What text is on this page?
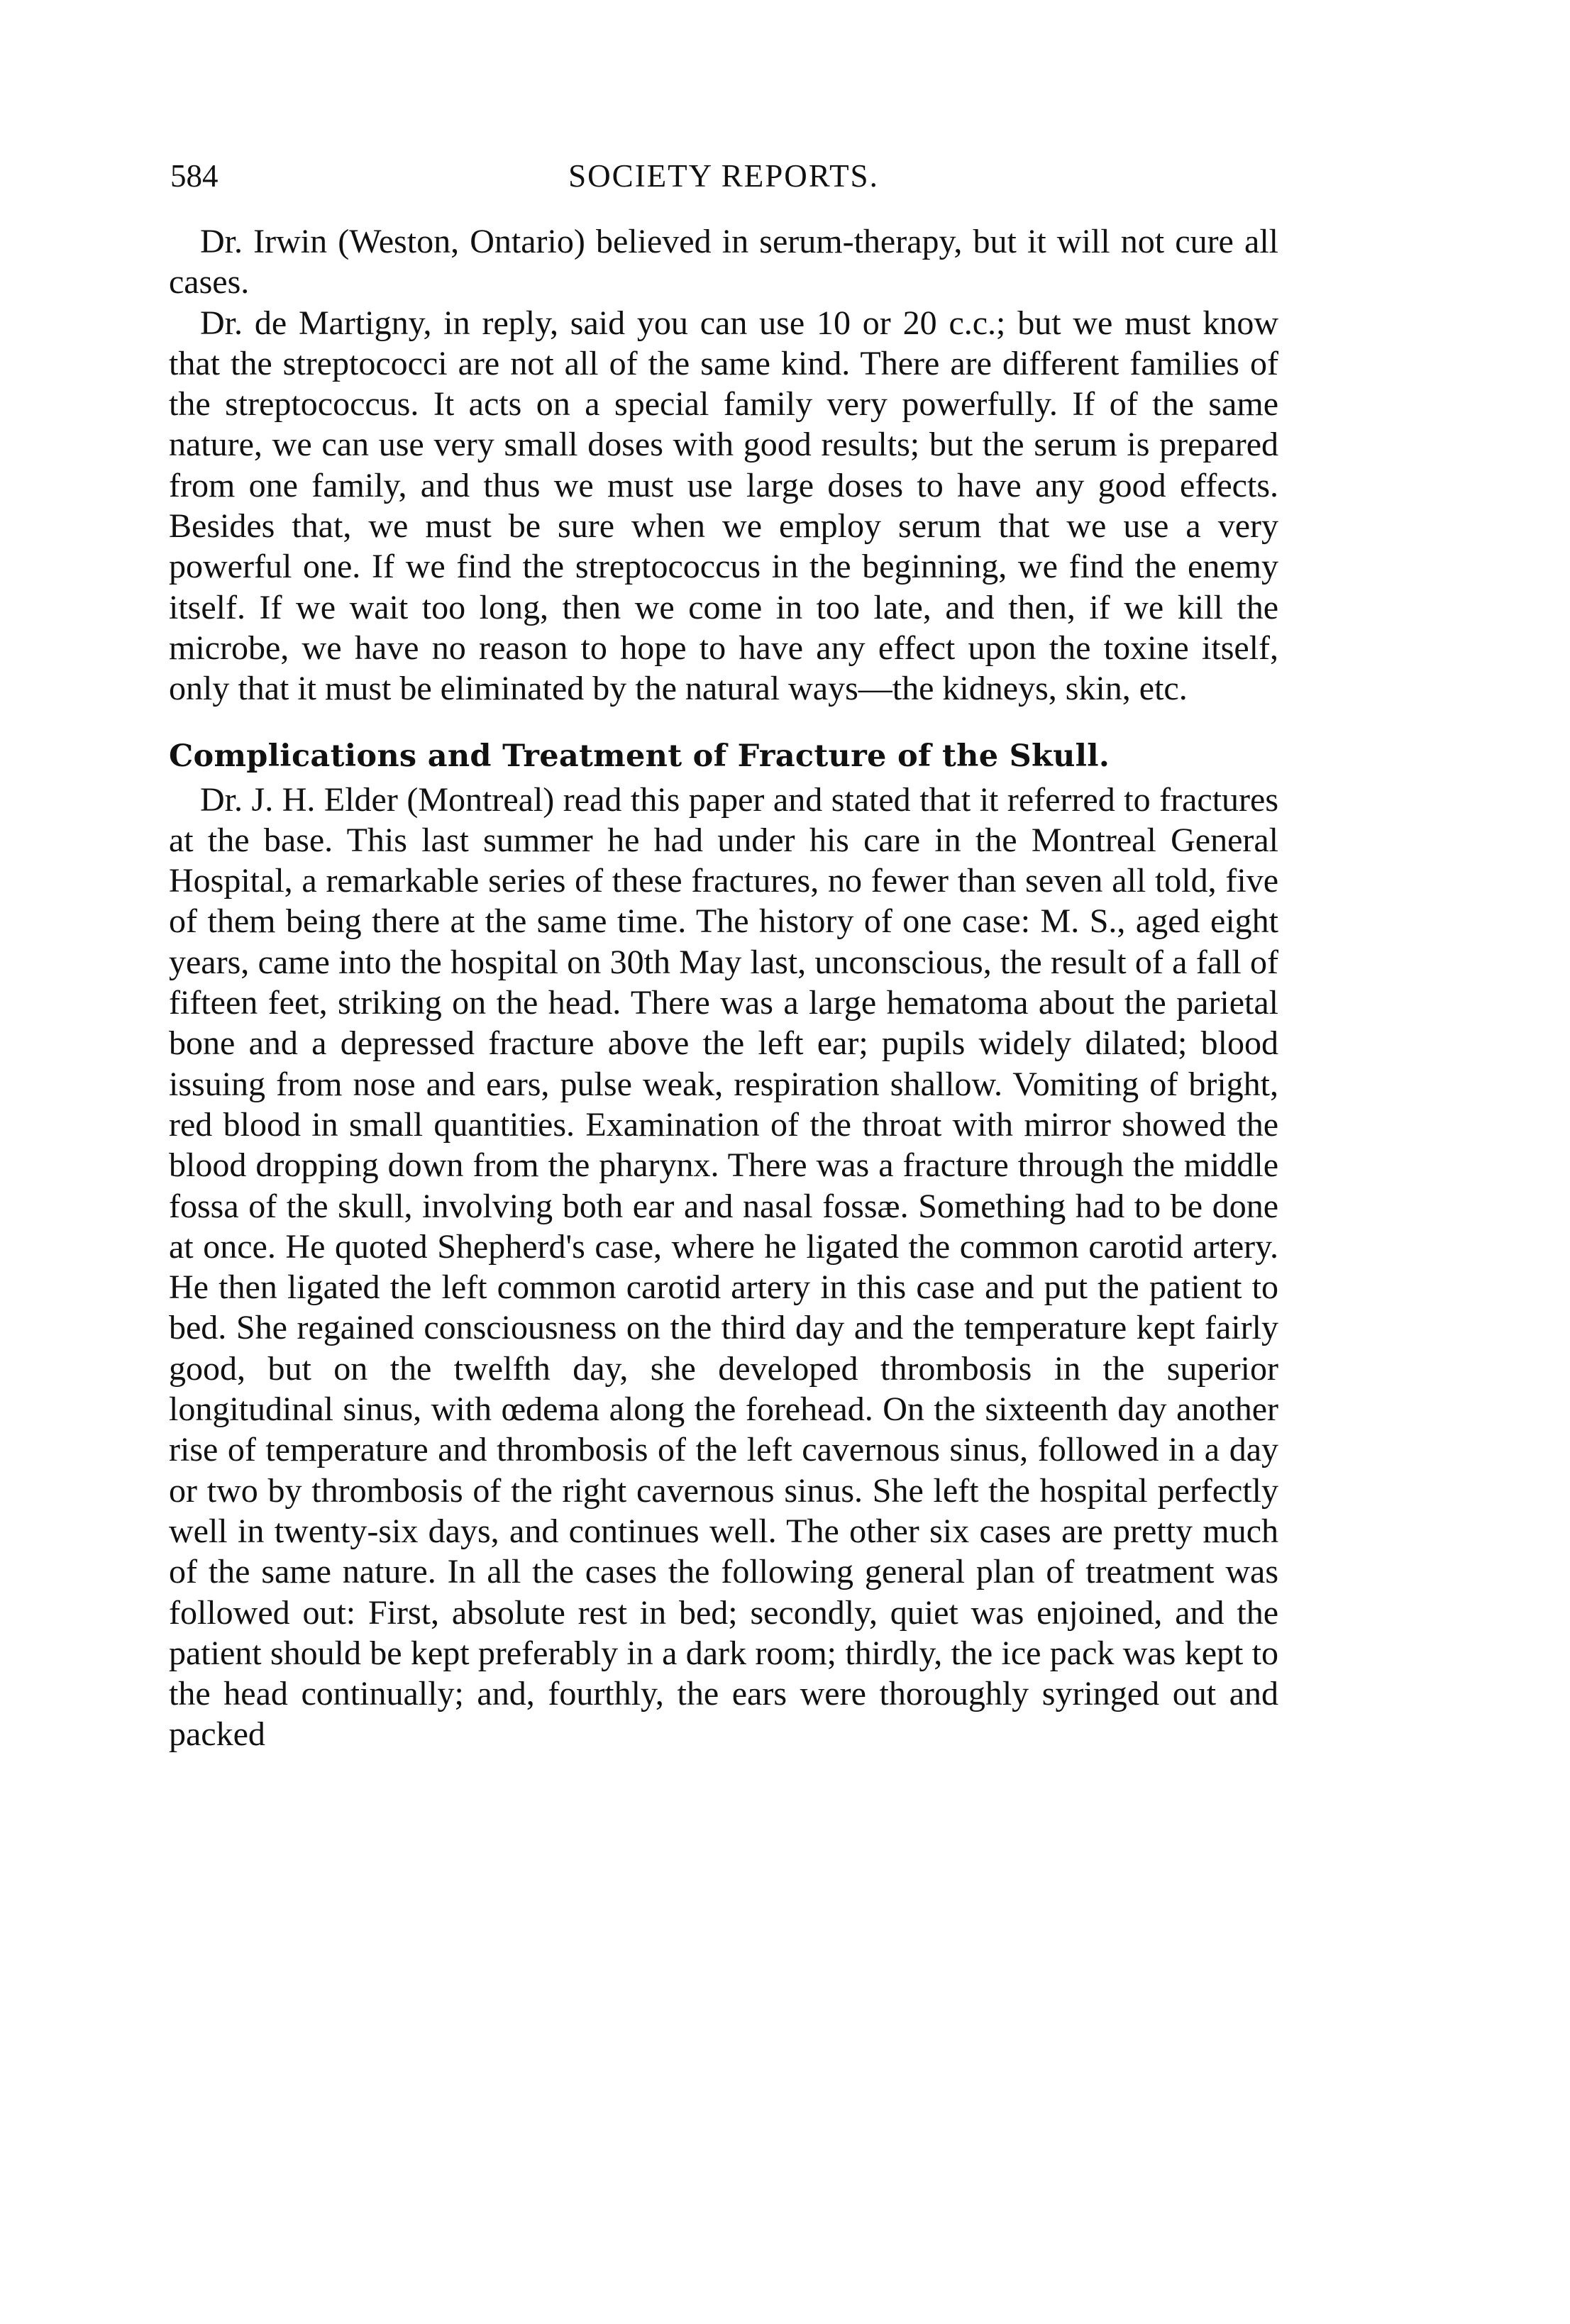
584	SOCIETY REPORTS.

Dr. Irwin (Weston, Ontario) believed in serum-therapy, but it will not cure all cases.

Dr. de Martigny, in reply, said you can use 10 or 20 c.c.; but we must know that the streptococci are not all of the same kind. There are different families of the streptococcus. It acts on a special family very powerfully. If of the same nature, we can use very small doses with good results; but the serum is prepared from one family, and thus we must use large doses to have any good effects. Besides that, we must be sure when we employ serum that we use a very powerful one. If we find the streptococcus in the beginning, we find the enemy itself. If we wait too long, then we come in too late, and then, if we kill the microbe, we have no reason to hope to have any effect upon the toxine itself, only that it must be eliminated by the natural ways—the kidneys, skin, etc.

Complications and Treatment of Fracture of the Skull.

Dr. J. H. Elder (Montreal) read this paper and stated that it referred to fractures at the base. This last summer he had under his care in the Montreal General Hospital, a remarkable series of these fractures, no fewer than seven all told, five of them being there at the same time. The history of one case: M. S., aged eight years, came into the hospital on 30th May last, unconscious, the result of a fall of fifteen feet, striking on the head. There was a large hematoma about the parietal bone and a depressed fracture above the left ear; pupils widely dilated; blood issuing from nose and ears, pulse weak, respiration shallow. Vomiting of bright, red blood in small quantities. Examination of the throat with mirror showed the blood dropping down from the pharynx. There was a fracture through the middle fossa of the skull, involving both ear and nasal fossæ. Something had to be done at once. He quoted Shepherd's case, where he ligated the common carotid artery. He then ligated the left common carotid artery in this case and put the patient to bed. She regained consciousness on the third day and the temperature kept fairly good, but on the twelfth day, she developed thrombosis in the superior longitudinal sinus, with œdema along the forehead. On the sixteenth day another rise of temperature and thrombosis of the left cavernous sinus, followed in a day or two by thrombosis of the right cavernous sinus. She left the hospital perfectly well in twenty-six days, and continues well. The other six cases are pretty much of the same nature. In all the cases the following general plan of treatment was followed out: First, absolute rest in bed; secondly, quiet was enjoined, and the patient should be kept preferably in a dark room; thirdly, the ice pack was kept to the head continually; and, fourthly, the ears were thoroughly syringed out and packed
